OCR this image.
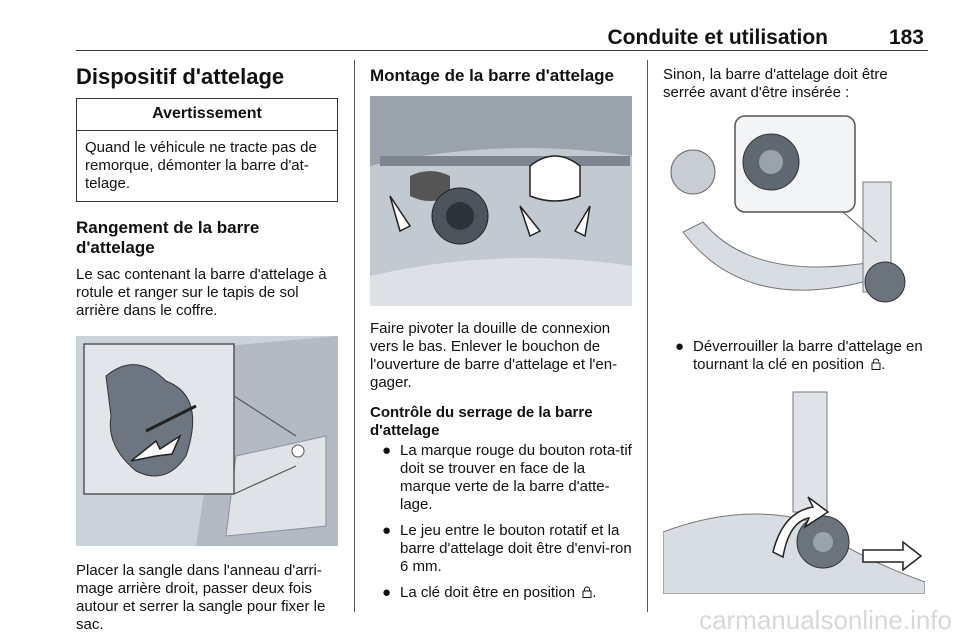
Conduite et utilisation	183
Dispositif d'attelage
Avertissement
Quand le véhicule ne tracte pas de remorque, démonter la barre d'at-telage.
Rangement de la barre d'attelage

Le sac contenant la barre d'attelage à rotule et ranger sur le tapis de sol arrière dans le coffre.

Placer la sangle dans l'anneau d'arri-mage arrière droit, passer deux fois autour et serrer la sangle pour fixer le sac.

Montage de la barre d'attelage

Faire pivoter la douille de connexion vers le bas. Enlever le bouchon de l'ouverture de barre d'attelage et l'en-gager.

Contrôle du serrage de la barre d'attelage
● La marque rouge du bouton rota-tif doit se trouver en face de la marque verte de la barre d'atte-lage.
● Le jeu entre le bouton rotatif et la barre d'attelage doit être d'envi-ron 6 mm.
● La clé doit être en position .

Sinon, la barre d'attelage doit être serrée avant d'être insérée :

● Déverrouiller la barre d'attelage en tournant la clé en position .
carmanualsonline.info
